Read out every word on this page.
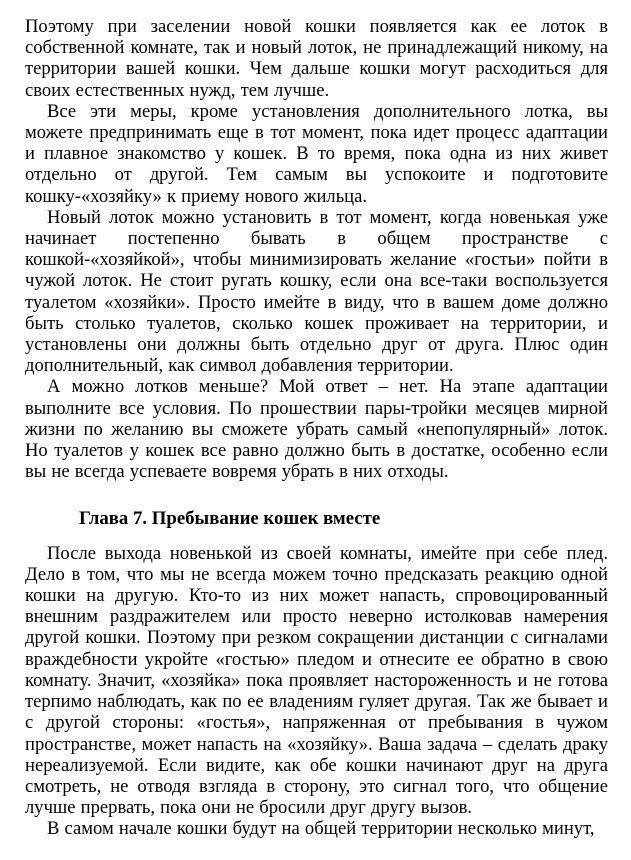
Поэтому при заселении новой кошки появляется как ее лоток в собственной комнате, так и новый лоток, не принадлежащий никому, на территории вашей кошки. Чем дальше кошки могут расходиться для своих естественных нужд, тем лучше.

Все эти меры, кроме установления дополнительного лотка, вы можете предпринимать еще в тот момент, пока идет процесс адаптации и плавное знакомство у кошек. В то время, пока одна из них живет отдельно от другой. Тем самым вы успокоите и подготовите кошку-«хозяйку» к приему нового жильца.

Новый лоток можно установить в тот момент, когда новенькая уже начинает постепенно бывать в общем пространстве с кошкой-«хозяйкой», чтобы минимизировать желание «гостьи» пойти в чужой лоток. Не стоит ругать кошку, если она все-таки воспользуется туалетом «хозяйки». Просто имейте в виду, что в вашем доме должно быть столько туалетов, сколько кошек проживает на территории, и установлены они должны быть отдельно друг от друга. Плюс один дополнительный, как символ добавления территории.

А можно лотков меньше? Мой ответ – нет. На этапе адаптации выполните все условия. По прошествии пары-тройки месяцев мирной жизни по желанию вы сможете убрать самый «непопулярный» лоток. Но туалетов у кошек все равно должно быть в достатке, особенно если вы не всегда успеваете вовремя убрать в них отходы.

Глава 7. Пребывание кошек вместе

После выхода новенькой из своей комнаты, имейте при себе плед. Дело в том, что мы не всегда можем точно предсказать реакцию одной кошки на другую. Кто-то из них может напасть, спровоцированный внешним раздражителем или просто неверно истолковав намерения другой кошки. Поэтому при резком сокращении дистанции с сигналами враждебности укройте «гостью» пледом и отнесите ее обратно в свою комнату. Значит, «хозяйка» пока проявляет настороженность и не готова терпимо наблюдать, как по ее владениям гуляет другая. Так же бывает и с другой стороны: «гостья», напряженная от пребывания в чужом пространстве, может напасть на «хозяйку». Ваша задача – сделать драку нереализуемой. Если видите, как обе кошки начинают друг на друга смотреть, не отводя взгляда в сторону, это сигнал того, что общение лучше прервать, пока они не бросили друг другу вызов.

В самом начале кошки будут на общей территории несколько минут,
